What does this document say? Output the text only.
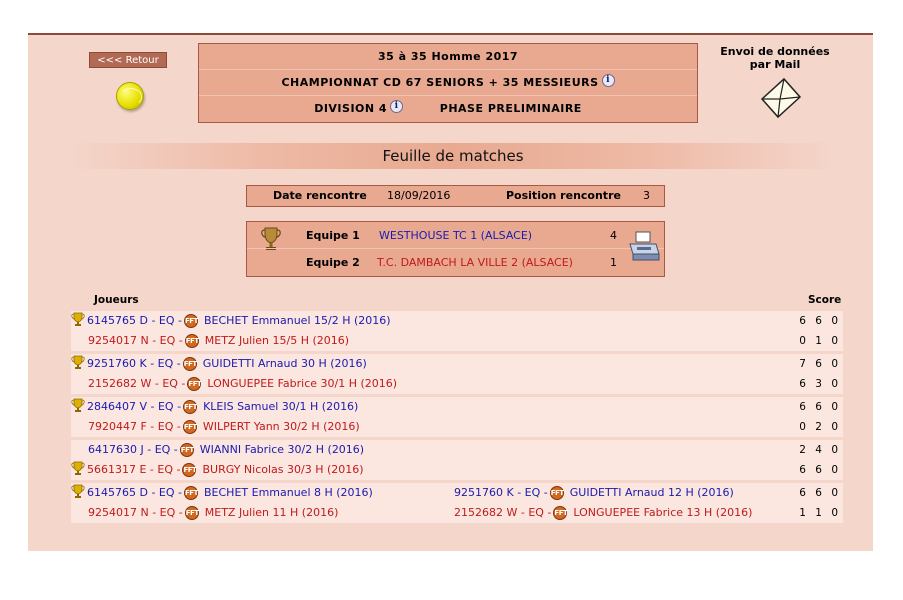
<<< Retour	35 à 35 Homme 2017
CHAMPIONNAT CD 67 SENIORS + 35 MESSIEURS i
DIVISION 4 i	PHASE PRELIMINAIRE
Envoi de données par Mail
Feuille de matches
Date rencontre 18/09/2016	Position rencontre 3
Equipe 1 WESTHOUSE TC 1 (ALSACE)	4
Equipe 2 T.C. DAMBACH LA VILLE 2 (ALSACE)	1
Joueurs	Score
6145765 D - EQ - FFT BECHET Emmanuel 15/2 H (2016)	6 6 0
9254017 N - EQ - FFT METZ Julien 15/5 H (2016)	0 1 0
9251760 K - EQ - FFT GUIDETTI Arnaud 30 H (2016)	7 6 0
2152682 W - EQ - FFT LONGUEPEE Fabrice 30/1 H (2016)	6 3 0
2846407 V - EQ - FFT KLEIS Samuel 30/1 H (2016)	6 6 0
7920447 F - EQ - FFT WILPERT Yann 30/2 H (2016)	0 2 0
6417630 J - EQ - FFT WIANNI Fabrice 30/2 H (2016)	2 4 0
5661317 E - EQ - FFT BURGY Nicolas 30/3 H (2016)	6 6 0
6145765 D - EQ - FFT BECHET Emmanuel 8 H (2016)	9251760 K - EQ - FFT GUIDETTI Arnaud 12 H (2016)	6 6 0
9254017 N - EQ - FFT METZ Julien 11 H (2016)	2152682 W - EQ - FFT LONGUEPEE Fabrice 13 H (2016)	1 1 0
